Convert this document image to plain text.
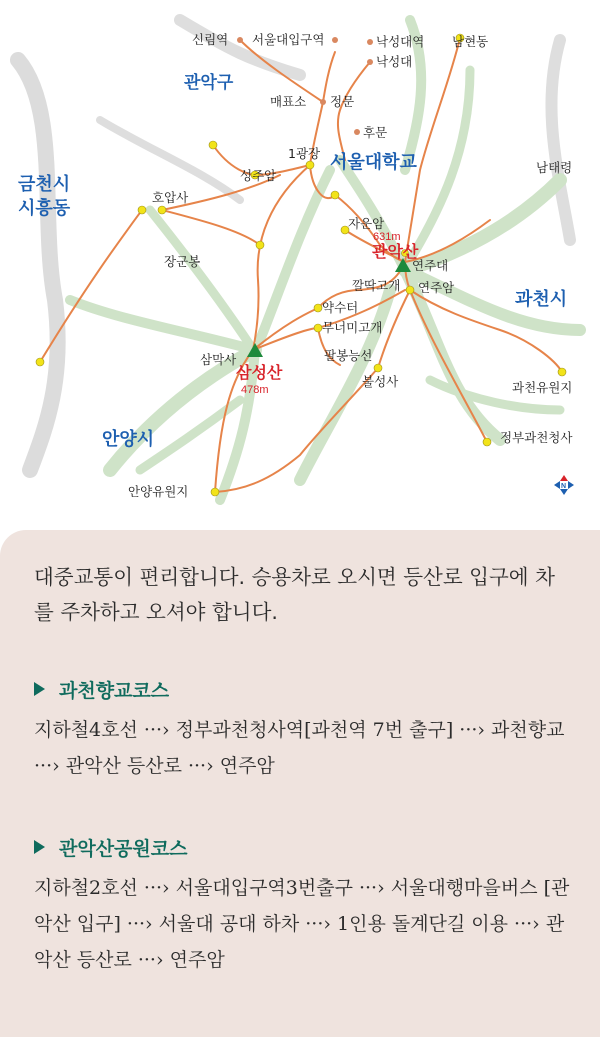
관악구
금천시
시흥동
과천시
안양시
서울대학교
신림역 서울대입구역	낙성대역
낙성대
남현동
매표소 정문
후문
1광장
남태령
성주암
호압사
자운암
장군봉	연주대
깔딱고개 연주암
약수터
무너미고개
삼막사	팔봉능선
불성사	과천유원지
정부과천청사
안양유원지
631m
관악산
삼성산
478m
N

대중교통이 편리합니다. 승용차로 오시면 등산로 입구에 차를 주차하고 오셔야 합니다.

과천향교코스

지하철4호선 ···› 정부과천청사역[과천역 7번 출구] ···› 과천향교 ···› 관악산 등산로 ···› 연주암

관악산공원코스

지하철2호선 ···› 서울대입구역3번출구 ···› 서울대행마을버스 [관악산 입구] ···› 서울대 공대 하차 ···› 1인용 돌계단길 이용 ···› 관악산 등산로 ···› 연주암
